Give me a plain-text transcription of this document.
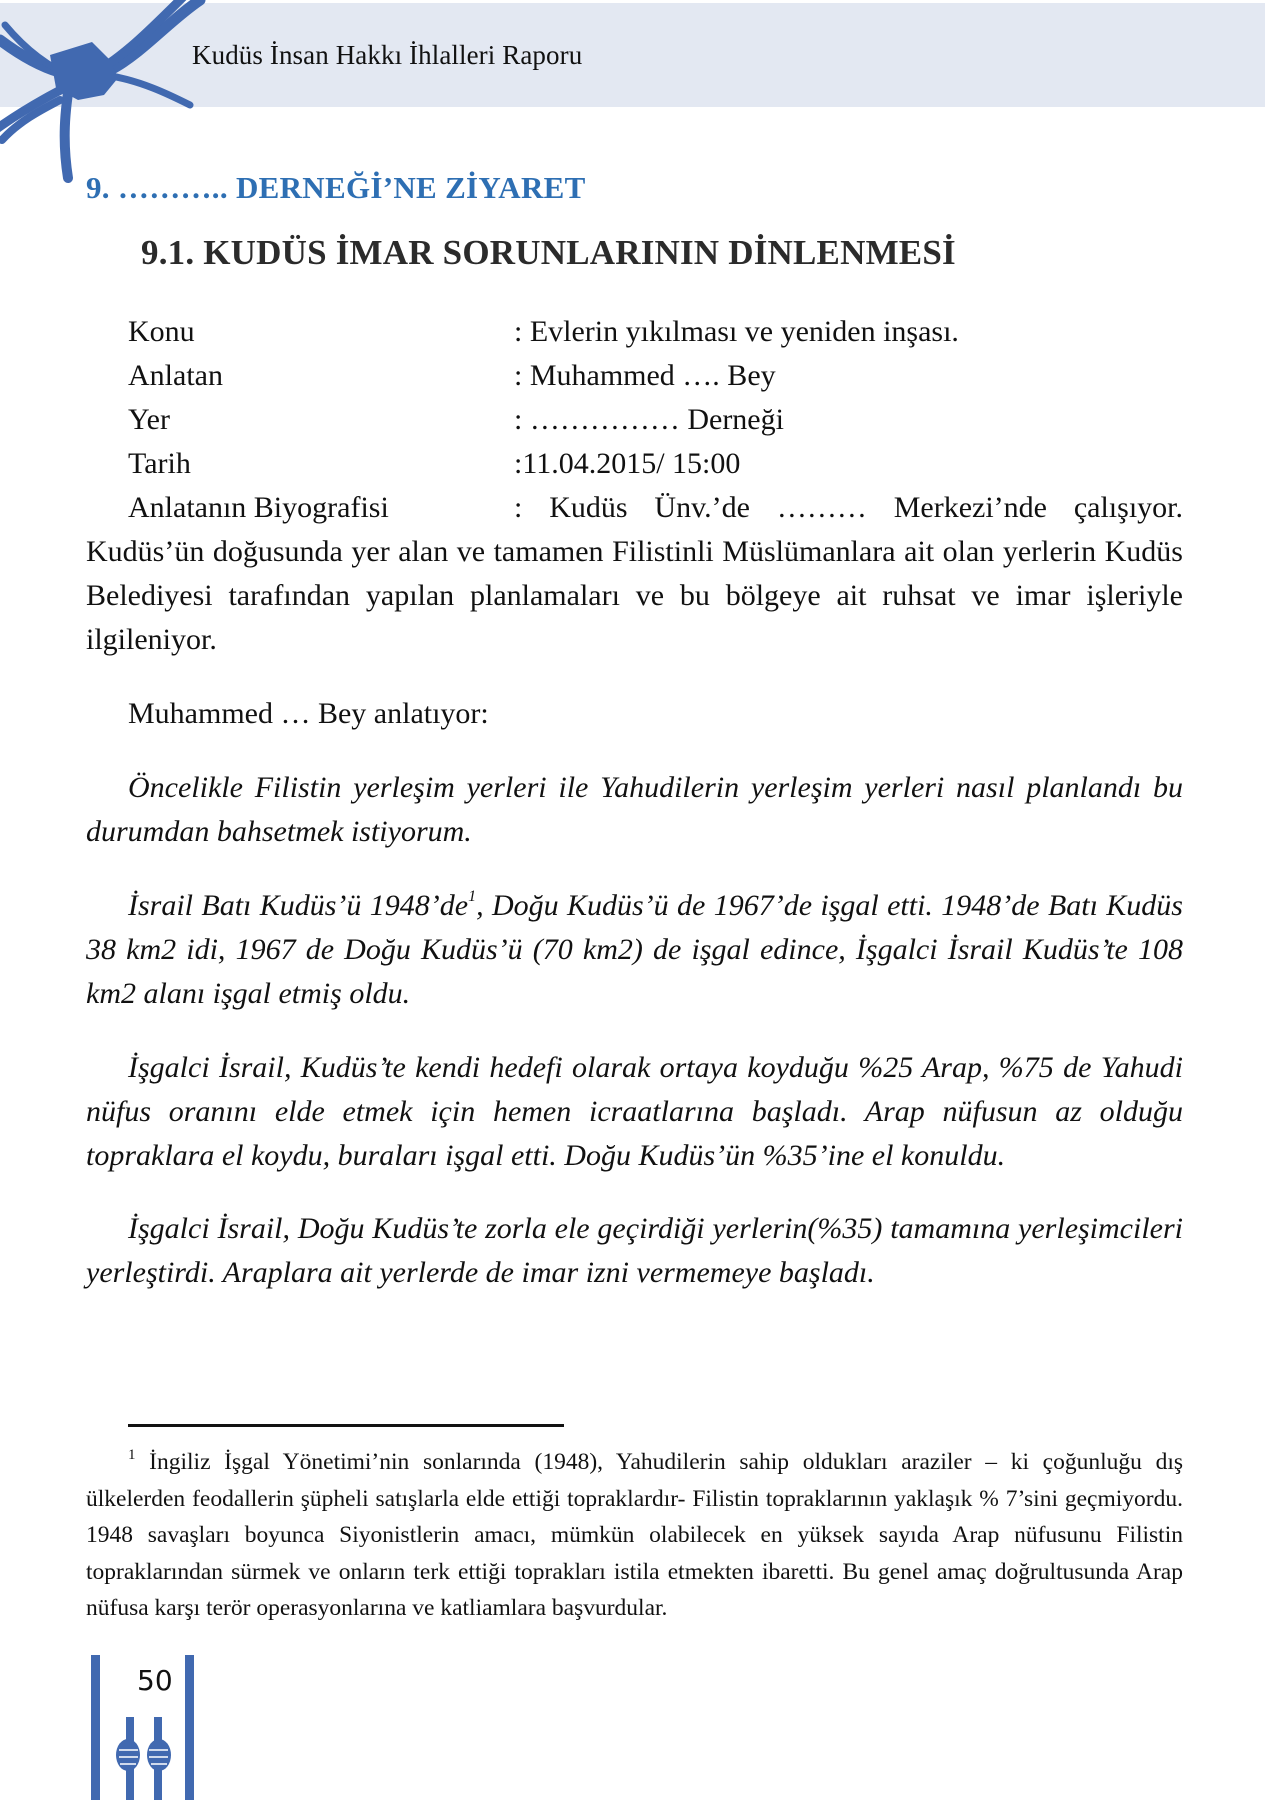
Kudüs İnsan Hakkı İhlalleri Raporu
9. ……….. DERNEĞİ’NE ZİYARET
9.1. KUDÜS İMAR SORUNLARININ DİNLENMESİ
Konu	: Evlerin yıkılması ve yeniden inşası.
Anlatan	: Muhammed …. Bey
Yer	: …………… Derneği
Tarih	:11.04.2015/ 15:00
Anlatanın Biyografisi	: Kudüs Ünv.’de ……… Merkezi’nde çalışıyor.
Kudüs’ün doğusunda yer alan ve tamamen Filistinli Müslümanlara ait olan yerlerin Kudüs Belediyesi tarafından yapılan planlamaları ve bu bölgeye ait ruhsat ve imar işleriyle ilgileniyor.
Muhammed … Bey anlatıyor:
Öncelikle Filistin yerleşim yerleri ile Yahudilerin yerleşim yerleri nasıl planlandı bu durumdan bahsetmek istiyorum.
İsrail Batı Kudüs’ü $1948’de^1$, Doğu Kudüs’ü de 1967’de işgal etti. 1948’de Batı Kudüs 38 km2 idi, 1967 de Doğu Kudüs’ü (70 km2) de işgal edince, İşgalci İsrail Kudüs’te 108 km2 alanı işgal etmiş oldu.
İşgalci İsrail, Kudüs’te kendi hedefi olarak ortaya koyduğu %25 Arap, %75 de Yahudi nüfus oranını elde etmek için hemen icraatlarına başladı. Arap nüfusun az olduğu topraklara el koydu, buraları işgal etti. Doğu Kudüs’ün %35’ine el konuldu.
İşgalci İsrail, Doğu Kudüs’te zorla ele geçirdiği yerlerin(%35) tamamına yerleşimcileri yerleştirdi. Araplara ait yerlerde de imar izni vermemeye başladı.
$^1$ İngiliz İşgal Yönetimi’nin sonlarında (1948), Yahudilerin sahip oldukları araziler – ki çoğunluğu dış ülkelerden feodallerin şüpheli satışlarla elde ettiği topraklardır- Filistin topraklarının yaklaşık % 7’sini geçmiyordu. 1948 savaşları boyunca Siyonistlerin amacı, mümkün olabilecek en yüksek sayıda Arap nüfusunu Filistin topraklarından sürmek ve onların terk ettiği toprakları istila etmekten ibaretti. Bu genel amaç doğrultusunda Arap nüfusa karşı terör operasyonlarına ve katliamlara başvurdular.
50
